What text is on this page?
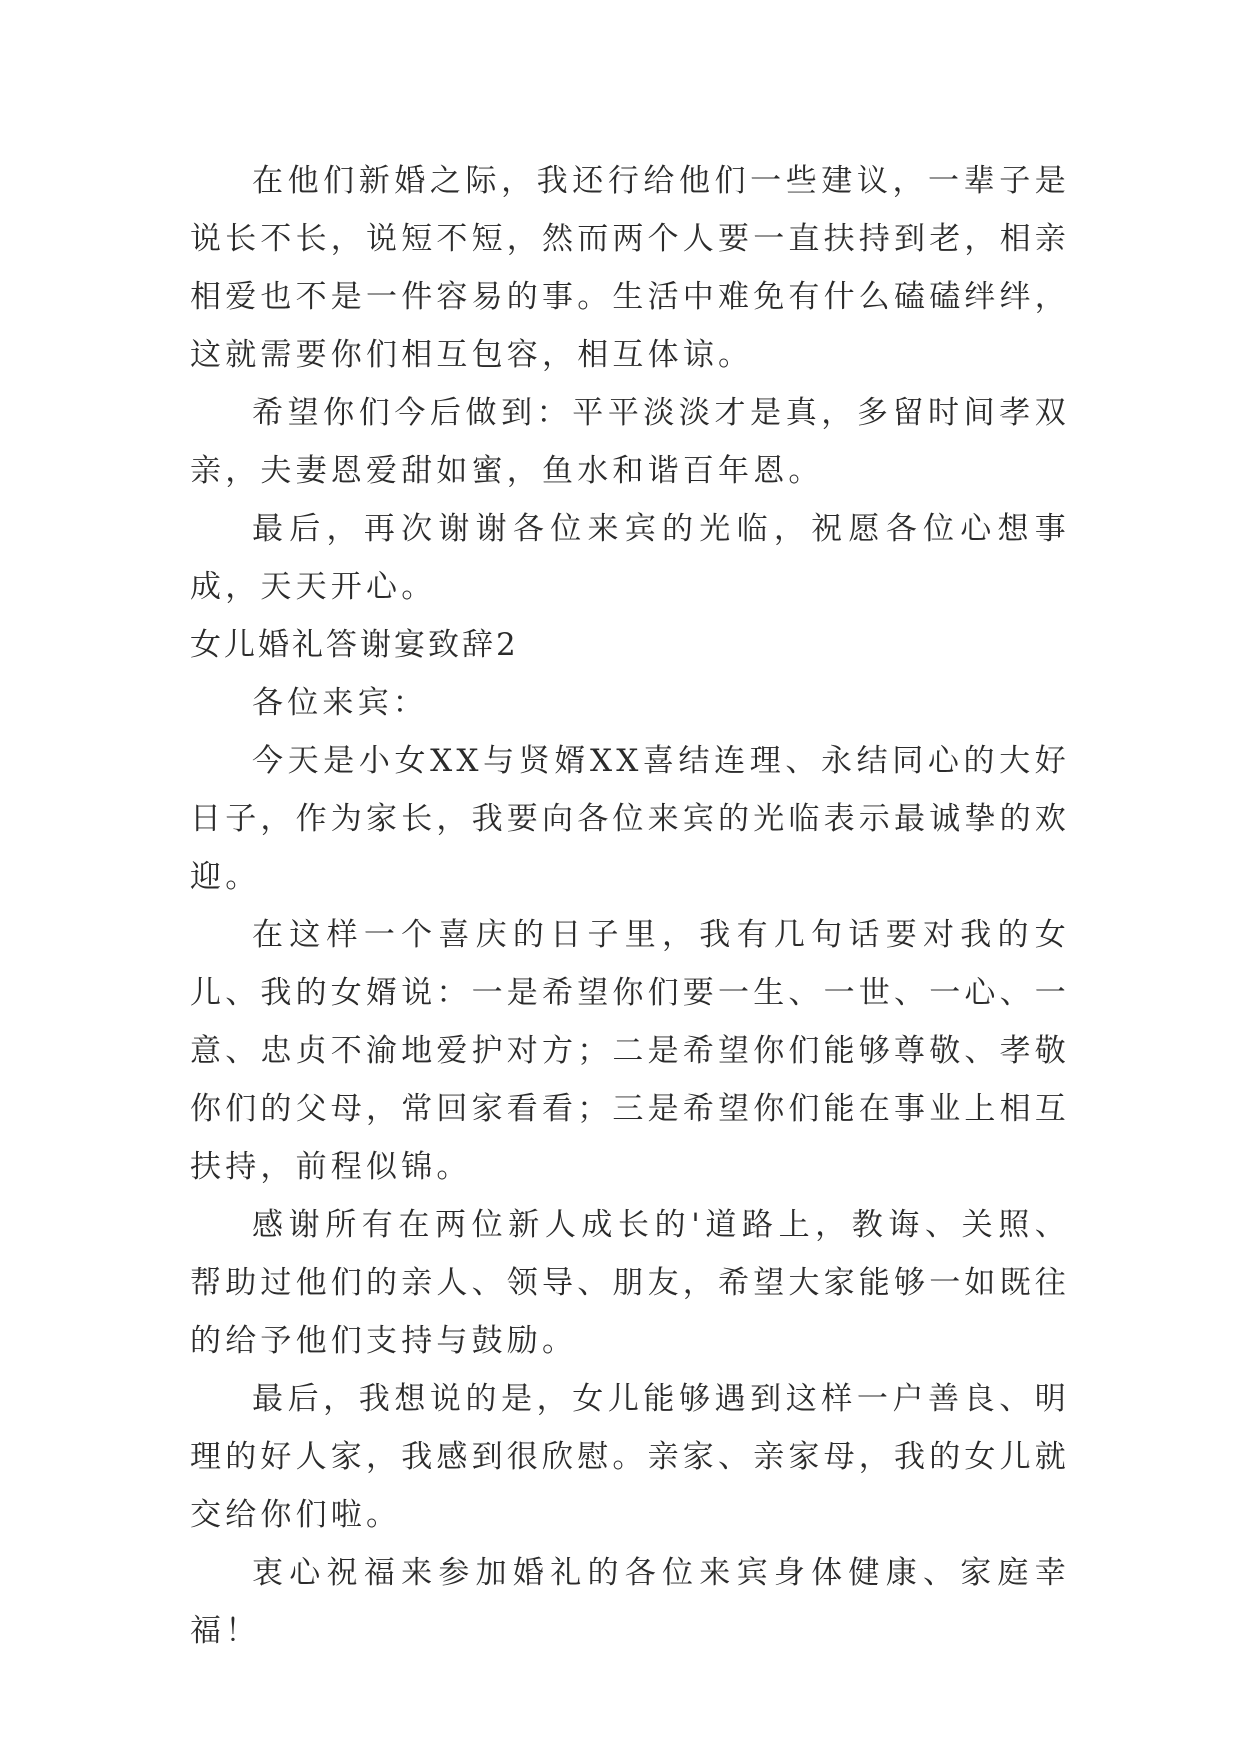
在他们新婚之际，我还行给他们一些建议，一辈子是说长不长，说短不短，然而两个人要一直扶持到老，相亲相爱也不是一件容易的事。生活中难免有什么磕磕绊绊，这就需要你们相互包容，相互体谅。

希望你们今后做到：平平淡淡才是真，多留时间孝双亲，夫妻恩爱甜如蜜，鱼水和谐百年恩。

最后，再次谢谢各位来宾的光临，祝愿各位心想事成，天天开心。

女儿婚礼答谢宴致辞2

各位来宾：

今天是小女XX与贤婿XX喜结连理、永结同心的大好日子，作为家长，我要向各位来宾的光临表示最诚挚的欢迎。

在这样一个喜庆的日子里，我有几句话要对我的女儿、我的女婿说：一是希望你们要一生、一世、一心、一意、忠贞不渝地爱护对方；二是希望你们能够尊敬、孝敬你们的父母，常回家看看；三是希望你们能在事业上相互扶持，前程似锦。

感谢所有在两位新人成长的'道路上，教诲、关照、帮助过他们的亲人、领导、朋友，希望大家能够一如既往的给予他们支持与鼓励。

最后，我想说的是，女儿能够遇到这样一户善良、明理的好人家，我感到很欣慰。亲家、亲家母，我的女儿就交给你们啦。

衷心祝福来参加婚礼的各位来宾身体健康、家庭幸福！
